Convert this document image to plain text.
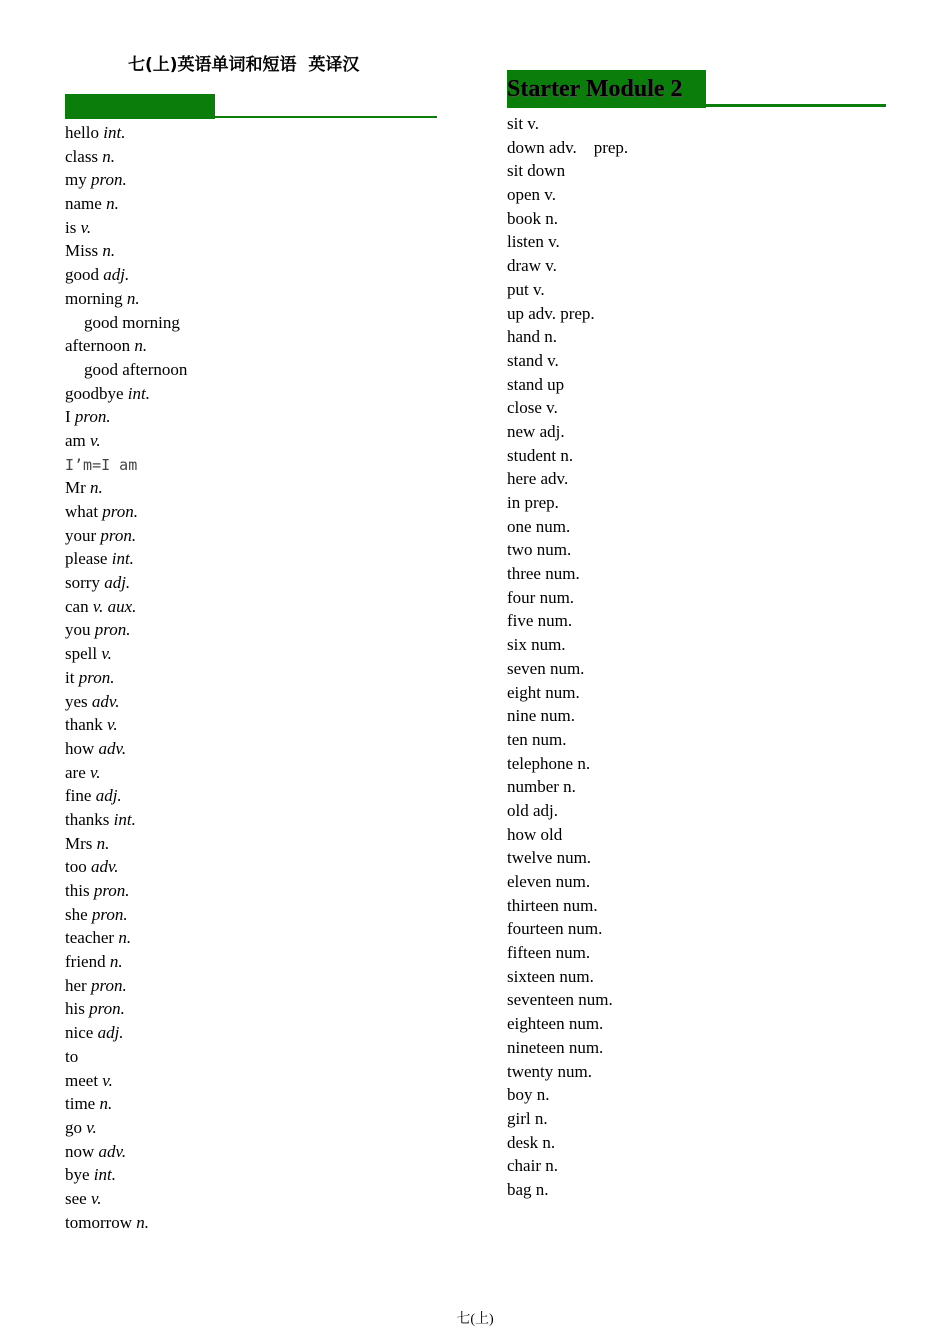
七(上)英语单词和短语  英译汉
Starter Module 2
hello int.
class n.
my pron.
name n.
is v.
Miss n.
good adj.
morning n.
good morning
afternoon n.
good afternoon
goodbye int.
I pron.
am v.
I’m=I am
Mr n.
what pron.
your pron.
please int.
sorry adj.
can v. aux.
you pron.
spell v.
it pron.
yes adv.
thank v.
how adv.
are v.
fine adj.
thanks int.
Mrs n.
too adv.
this pron.
she pron.
teacher n.
friend n.
her pron.
his pron.
nice adj.
to
meet v.
time n.
go v.
now adv.
bye int.
see v.
tomorrow n.
sit v.
down adv.    prep.
sit down
open v.
book n.
listen v.
draw v.
put v.
up adv. prep.
hand n.
stand v.
stand up
close v.
new adj.
student n.
here adv.
in prep.
one num.
two num.
three num.
four num.
five num.
six num.
seven num.
eight num.
nine num.
ten num.
telephone n.
number n.
old adj.
how old
twelve num.
eleven num.
thirteen num.
fourteen num.
fifteen num.
sixteen num.
seventeen num.
eighteen num.
nineteen num.
twenty num.
boy n.
girl n.
desk n.
chair n.
bag n.
七(上)
